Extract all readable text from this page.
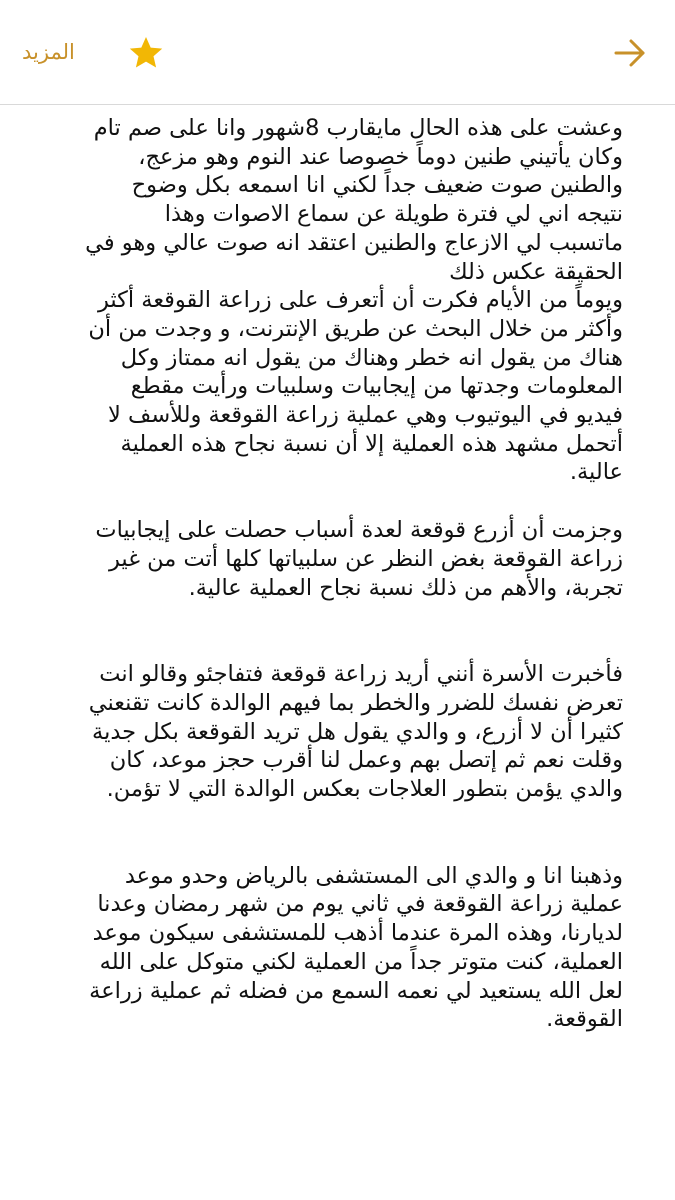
المزيد

وعشت على هذه الحال مايقارب 8شهور وانا على صم تام
وكان يأتيني طنين دوماً خصوصا عند النوم وهو مزعج،
والطنين صوت ضعيف جداً لكني انا اسمعه بكل وضوح
نتيجه اني لي فترة طويلة عن سماع الاصوات وهذا
ماتسبب لي الازعاج والطنين اعتقد انه صوت عالي وهو في
الحقيقة عكس ذلك

ويوماً من الأيام فكرت أن أتعرف على زراعة القوقعة أكثر
وأكثر من خلال البحث عن طريق الإنترنت، و وجدت من أن
هناك من يقول انه خطر وهناك من يقول انه ممتاز وكل
المعلومات وجدتها من إيجابيات وسلبيات ورأيت مقطع
فيديو في اليوتيوب وهي عملية زراعة القوقعة وللأسف لا
أتحمل مشهد هذه العملية إلا أن نسبة نجاح هذه العملية
عالية.

وجزمت أن أزرع قوقعة لعدة أسباب حصلت على إيجابيات
زراعة القوقعة بغض النظر عن سلبياتها كلها أتت من غير
تجربة، والأهم من ذلك نسبة نجاح العملية عالية.

فأخبرت الأسرة أنني أريد زراعة قوقعة فتفاجئو وقالو انت
تعرض نفسك للضرر والخطر بما فيهم الوالدة كانت تقنعني
كثيرا أن لا أزرع، و والدي يقول هل تريد القوقعة بكل جدية
وقلت نعم ثم إتصل بهم وعمل لنا أقرب حجز موعد، كان
والدي يؤمن بتطور العلاجات بعكس الوالدة التي لا تؤمن.

وذهبنا انا و والدي الى المستشفى بالرياض وحدو موعد
عملية زراعة القوقعة في ثاني يوم من شهر رمضان وعدنا
لديارنا، وهذه المرة عندما أذهب للمستشفى سيكون موعد
العملية، كنت متوتر جداً من العملية لكني متوكل على الله
لعل الله يستعيد لي نعمه السمع من فضله ثم عملية زراعة
القوقعة.
